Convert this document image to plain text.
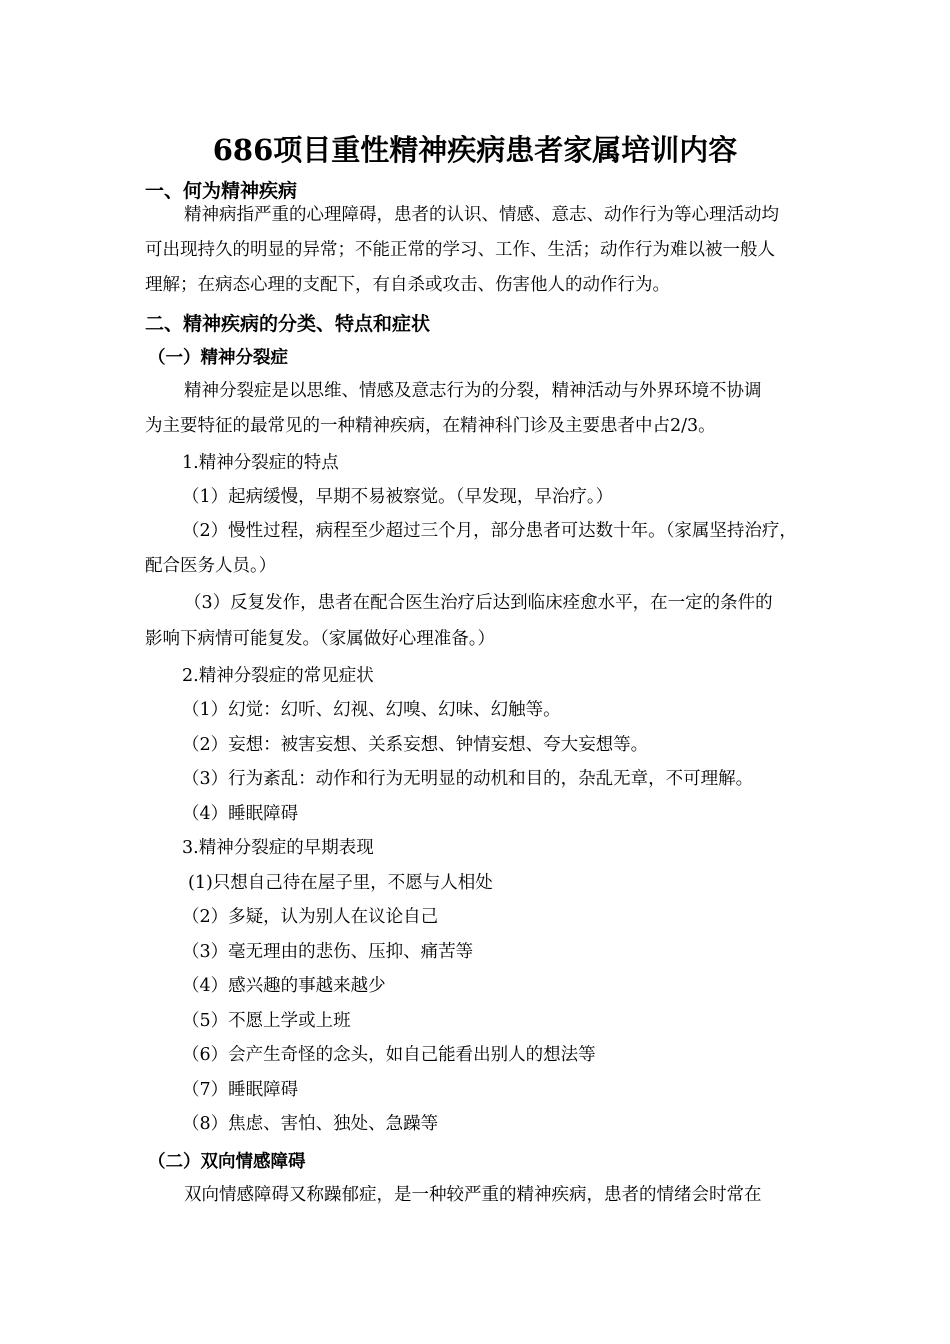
686项目重性精神疾病患者家属培训内容
一、何为精神疾病
精神病指严重的心理障碍，患者的认识、情感、意志、动作行为等心理活动均
可出现持久的明显的异常；不能正常的学习、工作、生活；动作行为难以被一般人
理解；在病态心理的支配下，有自杀或攻击、伤害他人的动作行为。
二、精神疾病的分类、特点和症状
（一）精神分裂症
精神分裂症是以思维、情感及意志行为的分裂，精神活动与外界环境不协调
为主要特征的最常见的一种精神疾病，在精神科门诊及主要患者中占2/3。
1.精神分裂症的特点
（1）起病缓慢，早期不易被察觉。（早发现，早治疗。）
（2）慢性过程，病程至少超过三个月，部分患者可达数十年。（家属坚持治疗，
配合医务人员。）
（3）反复发作，患者在配合医生治疗后达到临床痊愈水平，在一定的条件的
影响下病情可能复发。（家属做好心理准备。）
2.精神分裂症的常见症状
（1）幻觉：幻听、幻视、幻嗅、幻味、幻触等。
（2）妄想：被害妄想、关系妄想、钟情妄想、夸大妄想等。
（3）行为紊乱：动作和行为无明显的动机和目的，杂乱无章，不可理解。
（4）睡眠障碍
3.精神分裂症的早期表现
(1)只想自己待在屋子里，不愿与人相处
（2）多疑，认为别人在议论自己
（3）毫无理由的悲伤、压抑、痛苦等
（4）感兴趣的事越来越少
（5）不愿上学或上班
（6）会产生奇怪的念头，如自己能看出别人的想法等
（7）睡眠障碍
（8）焦虑、害怕、独处、急躁等
（二）双向情感障碍
双向情感障碍又称躁郁症，是一种较严重的精神疾病，患者的情绪会时常在
